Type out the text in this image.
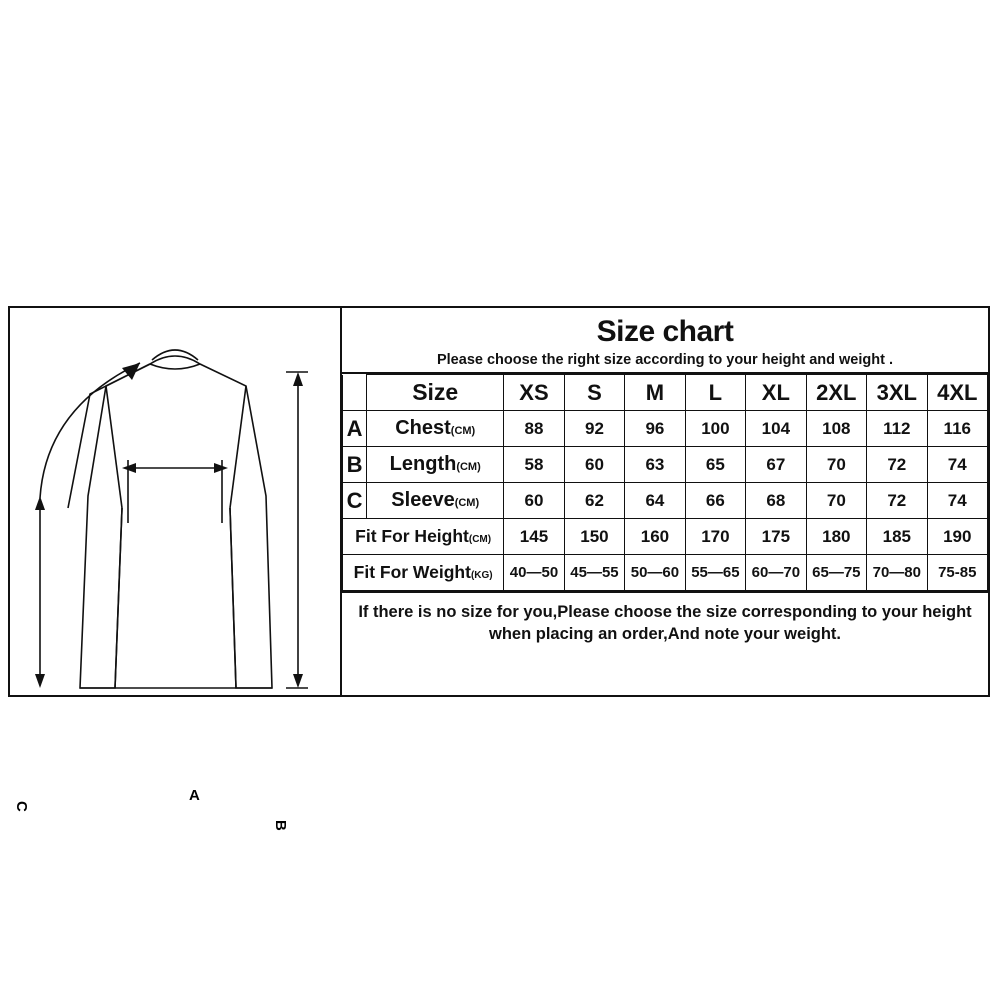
A
B
C
Size chart
Please choose the right size according to your height and weight .
	Size	XS	S	M	L	XL	2XL	3XL	4XL
A	Chest(CM)	88	92	96	100	104	108	112	116
B	Length(CM)	58	60	63	65	67	70	72	74
C	Sleeve(CM)	60	62	64	66	68	70	72	74
Fit For Height(CM)		145	150	160	170	175	180	185	190
Fit For Weight(KG)		40—50	45—55	50—60	55—65	60—70	65—75	70—80	75-85
If there is no size for you,Please choose the size corresponding to your height when placing an order,And note your weight.
